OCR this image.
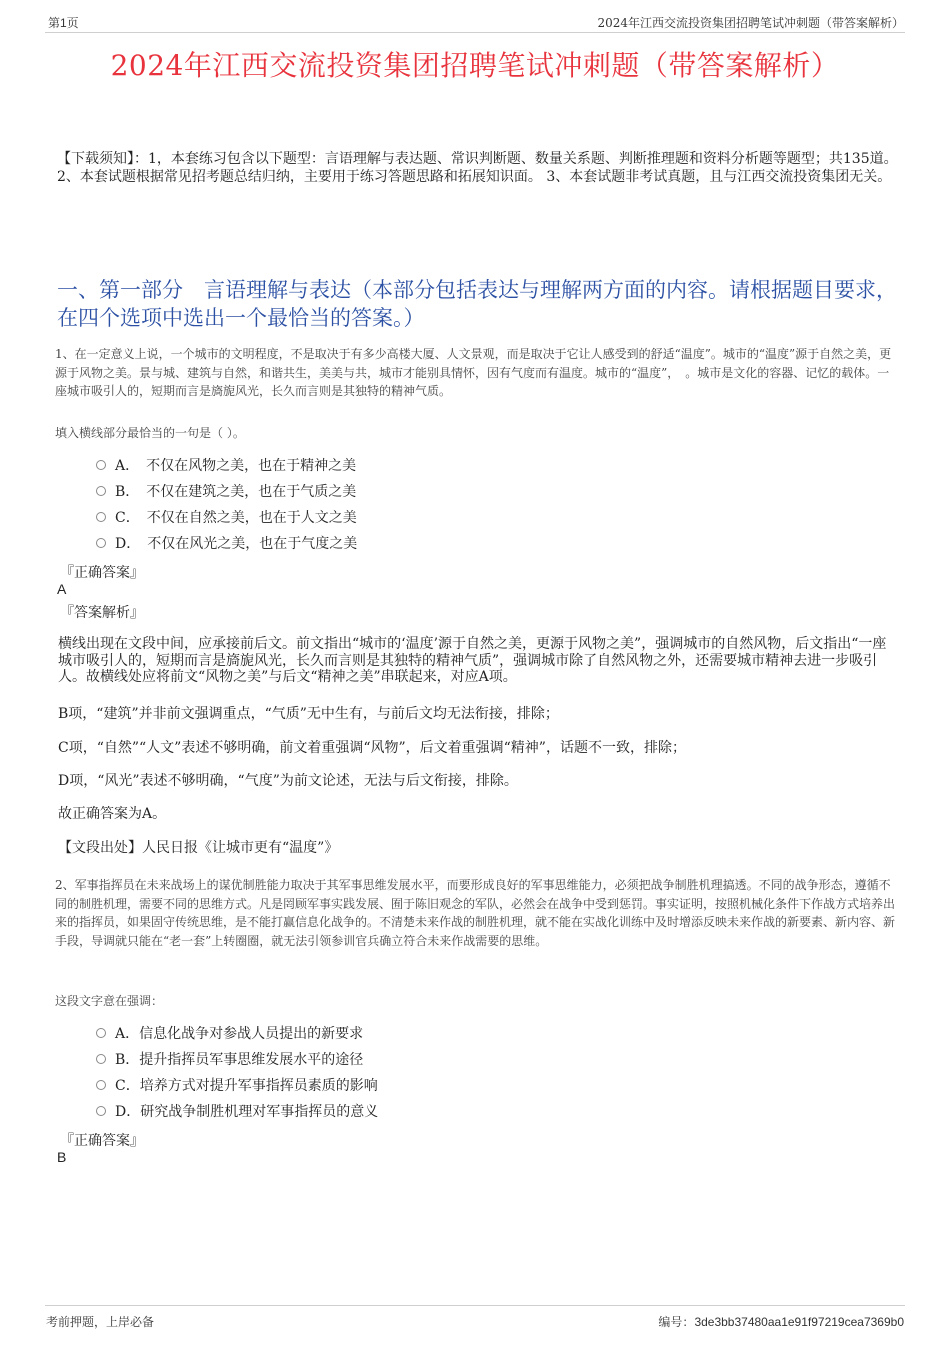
第1页	2024年江西交流投资集团招聘笔试冲刺题（带答案解析）
2024年江西交流投资集团招聘笔试冲刺题（带答案解析）
【下载须知】：1，本套练习包含以下题型：言语理解与表达题、常识判断题、数量关系题、判断推理题和资料分析题等题型；共135道。 2、本套试题根据常见招考题总结归纳，主要用于练习答题思路和拓展知识面。 3、本套试题非考试真题，且与江西交流投资集团无关。
一、第一部分　言语理解与表达（本部分包括表达与理解两方面的内容。请根据题目要求，在四个选项中选出一个最恰当的答案。）
1、在一定意义上说，一个城市的文明程度，不是取决于有多少高楼大厦、人文景观，而是取决于它让人感受到的舒适“温度”。城市的“温度”源于自然之美，更源于风物之美。景与城、建筑与自然，和谐共生，美美与共，城市才能别具情怀，因有气度而有温度。城市的“温度”，　。城市是文化的容器、记忆的载体。一座城市吸引人的，短期而言是旖旎风光，长久而言则是其独特的精神气质。
填入横线部分最恰当的一句是（ ）。
A．　不仅在风物之美，也在于精神之美
B．　不仅在建筑之美，也在于气质之美
C．　不仅在自然之美，也在于人文之美
D．　不仅在风光之美，也在于气度之美
『正确答案』
A
『答案解析』
横线出现在文段中间，应承接前后文。前文指出“城市的‘温度’源于自然之美，更源于风物之美”，强调城市的自然风物，后文指出“一座城市吸引人的，短期而言是旖旎风光，长久而言则是其独特的精神气质”，强调城市除了自然风物之外，还需要城市精神去进一步吸引人。故横线处应将前文“风物之美”与后文“精神之美”串联起来，对应A项。
B项，“建筑”并非前文强调重点，“气质”无中生有，与前后文均无法衔接，排除；
C项，“自然”“人文”表述不够明确，前文着重强调“风物”，后文着重强调“精神”，话题不一致，排除；
D项，“风光”表述不够明确，“气度”为前文论述，无法与后文衔接，排除。
故正确答案为A。
【文段出处】人民日报《让城市更有“温度”》
2、军事指挥员在未来战场上的谋优制胜能力取决于其军事思维发展水平，而要形成良好的军事思维能力，必须把战争制胜机理搞透。不同的战争形态，遵循不同的制胜机理，需要不同的思维方式。凡是罔顾军事实践发展、囿于陈旧观念的军队，必然会在战争中受到惩罚。事实证明，按照机械化条件下作战方式培养出来的指挥员，如果固守传统思维，是不能打赢信息化战争的。不清楚未来作战的制胜机理，就不能在实战化训练中及时增添反映未来作战的新要素、新内容、新手段，导调就只能在“老一套”上转圈圈，就无法引领参训官兵确立符合未来作战需要的思维。
这段文字意在强调：
A．信息化战争对参战人员提出的新要求
B．提升指挥员军事思维发展水平的途径
C．培养方式对提升军事指挥员素质的影响
D．研究战争制胜机理对军事指挥员的意义
『正确答案』
B
考前押题，上岸必备	编号：3de3bb37480aa1e91f97219cea7369b0
